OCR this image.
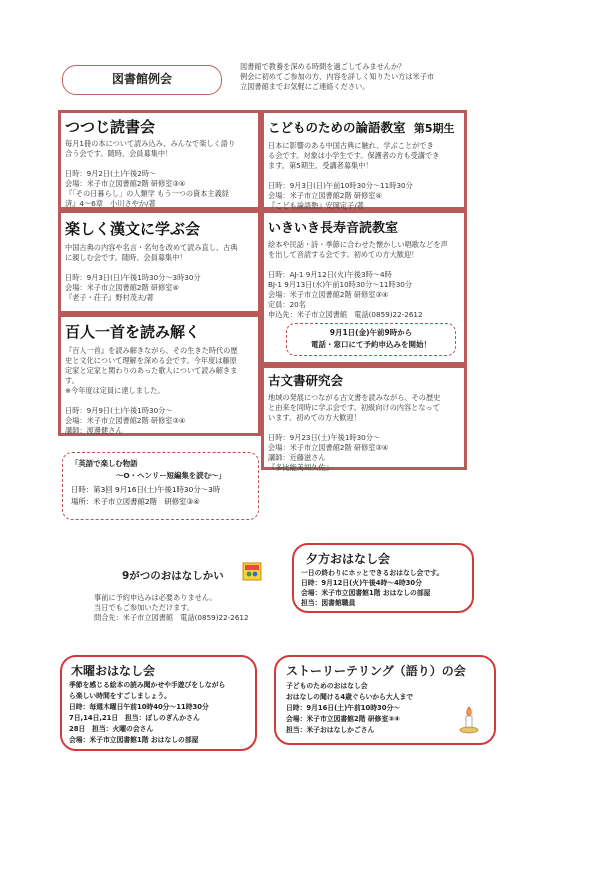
図書館例会
図書館で教養を深める時間を過ごしてみませんか？
例会に初めてご参加の方、内容を詳しく知りたい方は米子市
立図書館までお気軽にご連絡ください。
つつじ読書会
毎月1冊の本について読み込み、みんなで楽しく語り
合う会です。随時、会員募集中！

日時：9月2日(土)午後2時～
会場：米子市立図書館2階 研修室③④
『「その日暮らし」の人類学 もう一つの資本主義経
済』4～6章　小川さやか/著
こどものための論語教室 第5期生
日本に影響のある中国古典に触れ、学ぶことができ
る会です。対象は小学生です。保護者の方も受講でき
ます。第5期生、受講者募集中！

日時：9月3日(日)午前10時30分～11時30分
会場：米子市立図書館2階 研修室④
『こども論語塾』安岡定子/著
楽しく漢文に学ぶ会
中国古典の内容や名言・名句を改めて読み直し、古典
に親しむ会です。随時、会員募集中！

日時：9月3日(日)午後1時30分～3時30分
会場：米子市立図書館2階 研修室④
『老子・荘子』野村茂夫/著
いきいき長寿音読教室
絵本や民話・詩・季節に合わせた懐かしい唱歌などを声
を出して音読する会です。初めての方大歓迎！

日時：AJ-1 9月12日(火)午後3時～4時
BJ-1 9月13日(水)午前10時30分～11時30分
会場：米子市立図書館2階 研修室③④
定員：20名
申込先：米子市立図書館　電話(0859)22-2612
9月1日(金)午前9時から
電話・窓口にて予約申込みを開始！
百人一首を読み解く
『百人一首』を読み解きながら、その生きた時代の歴
史と文化について理解を深める会です。今年度は藤原
定家と定家と関わりのあった歌人について読み解きま
す。
※今年度は定員に達しました。

日時：9月9日(土)午後1時30分～
会場：米子市立図書館2階 研修室③④
講師：渡邊健さん
古文書研究会
地域の発展につながる古文書を読みながら、その歴史
と由来を同時に学ぶ会です。初級向けの内容となって
います。初めての方大歓迎！

日時：9月23日(土)午後1時30分～
会場：米子市立図書館2階 研修室③④
講師：近藤滋さん
『多比能美知久佐』
「英語で楽しむ物語
～O・ヘンリー短編集を読む～」
日時：第3回 9月16日(土)午後1時30分～3時
場所：米子市立図書館2階　研修室③④
9がつのおはなしかい
事前に予約申込みは必要ありません。
当日でもご参加いただけます。
問合先：米子市立図書館　電話(0859)22-2612
夕方おはなし会
一日の終わりにホッとできるおはなし会です。
日時：9月12日(火)午後4時～4時30分
会場：米子市立図書館1階 おはなしの部屋
担当：図書館職員
木曜おはなし会
季節を感じる絵本の読み聞かせや手遊びをしながら
ら楽しい時間をすごしましょう。
日時：毎週木曜日午前10時40分～11時30分
7日,14日,21日　担当：ぼしのぎんかさん
28日　担当：火曜の会さん
会場：米子市立図書館1階 おはなしの部屋
ストーリーテリング（語り）の会
子どものためのおはなし会
おはなしの聞ける4歳ぐらいから大人まで
日時：9月16日(土)午前10時30分～
会場：米子市立図書館2階 研修室③④
担当：米子おはなしかごさん
